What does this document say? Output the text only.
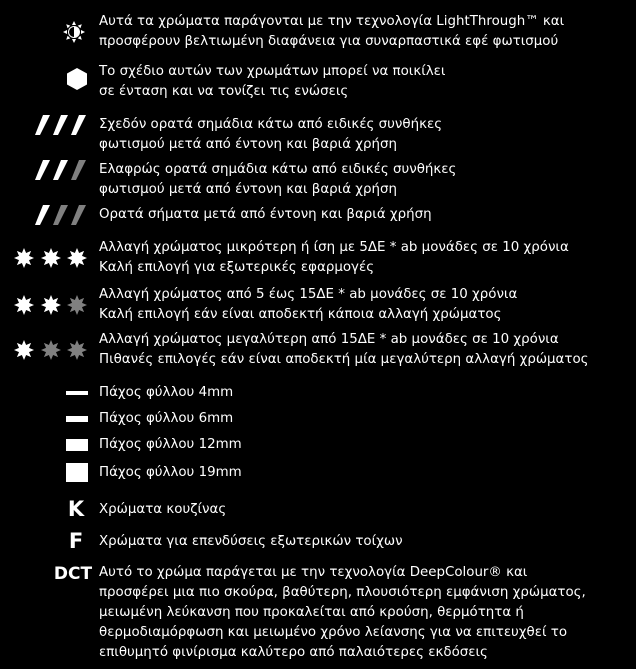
Αυτά τα χρώματα παράγονται με την τεχνολογία LightThrough™ και
προσφέρουν βελτιωμένη διαφάνεια για συναρπαστικά εφέ φωτισμού
Το σχέδιο αυτών των χρωμάτων μπορεί να ποικίλει
σε ένταση και να τονίζει τις ενώσεις
Σχεδόν ορατά σημάδια κάτω από ειδικές συνθήκες
φωτισμού μετά από έντονη και βαριά χρήση
Ελαφρώς ορατά σημάδια κάτω από ειδικές συνθήκες
φωτισμού μετά από έντονη και βαριά χρήση
Ορατά σήματα μετά από έντονη και βαριά χρήση
Αλλαγή χρώματος μικρότερη ή ίση με 5ΔE * ab μονάδες σε 10 χρόνια
Καλή επιλογή για εξωτερικές εφαρμογές
Αλλαγή χρώματος από 5 έως 15ΔE * ab μονάδες σε 10 χρόνια
Καλή επιλογή εάν είναι αποδεκτή κάποια αλλαγή χρώματος
Αλλαγή χρώματος μεγαλύτερη από 15ΔE * ab μονάδες σε 10 χρόνια
Πιθανές επιλογές εάν είναι αποδεκτή μία μεγαλύτερη αλλαγή χρώματος
Πάχος φύλλου 4mm
Πάχος φύλλου 6mm
Πάχος φύλλου 12mm
Πάχος φύλλου 19mm
K Χρώματα κουζίνας
F	Χρώματα για επενδύσεις εξωτερικών τοίχων
DCT Αυτό το χρώμα παράγεται με την τεχνολογία DeepColour® και
προσφέρει μια πιο σκούρα, βαθύτερη, πλουσιότερη εμφάνιση χρώματος,
μειωμένη λεύκανση που προκαλείται από κρούση, θερμότητα ή
θερμοδιαμόρφωση και μειωμένο χρόνο λείανσης για να επιτευχθεί το
επιθυμητό φινίρισμα καλύτερο από παλαιότερες εκδόσεις
